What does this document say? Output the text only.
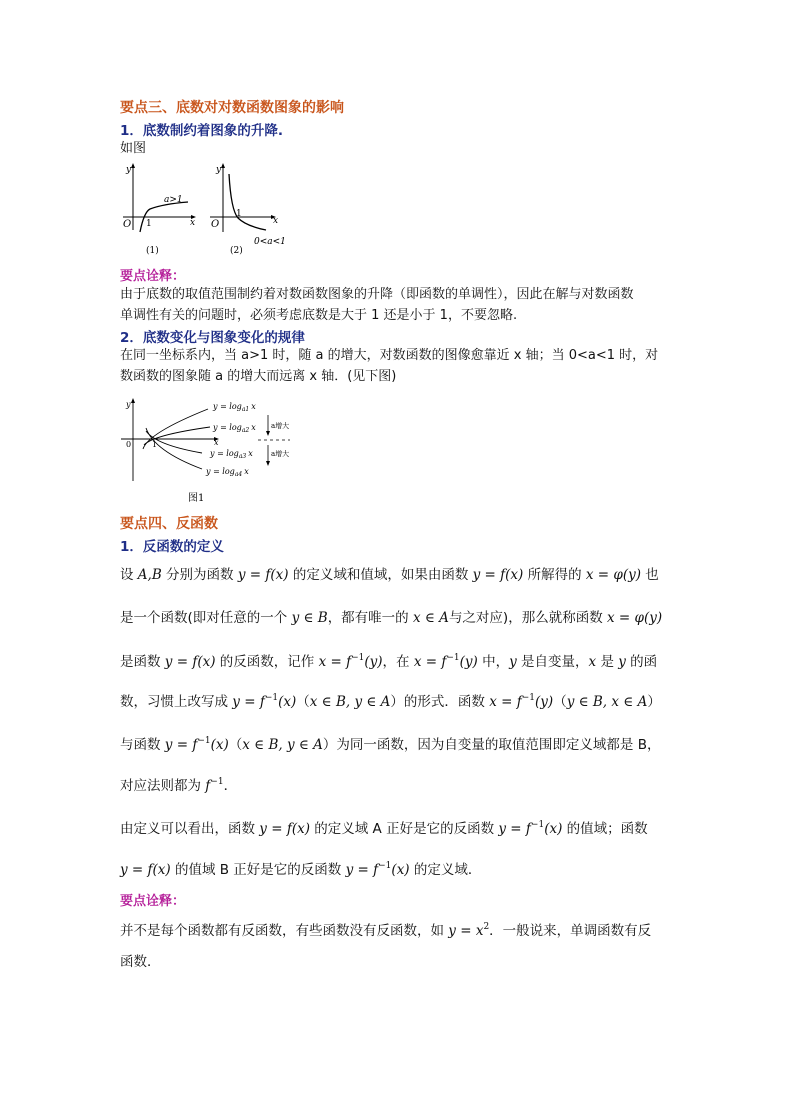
要点三、底数对对数函数图象的影响
1．底数制约着图象的升降.
如图
y
x
O 1
a>1
(1)
y
x
O
1
0<a<1
(2)
要点诠释：
由于底数的取值范围制约着对数函数图象的升降（即函数的单调性），因此在解与对数函数
单调性有关的问题时，必须考虑底数是大于 1 还是小于 1，不要忽略.
2．底数变化与图象变化的规律
在同一坐标系内，当 a>1 时，随 a 的增大，对数函数的图像愈靠近 x 轴；当 0<a<1 时，对
数函数的图象随 a 的增大而远离 x 轴．(见下图)
y
x
0	1
$y = \log_{a1} x$
$y = \log_{a2} x$
$y = \log_{a3} x$
$y = \log_{a4} x$
a增大
a增大
图1
要点四、反函数
1．反函数的定义
设 A,B 分别为函数 y = f(x) 的定义域和值域，如果由函数 y = f(x) 所解得的 x = φ(y) 也
是一个函数(即对任意的一个 y ∈ B，都有唯一的 x ∈ A与之对应)，那么就称函数 x = φ(y)
是函数 y = f(x) 的反函数，记作 $x = f^{-1}(y)$，在 $x = f^{-1}(y)$ 中，y 是自变量，x 是 y 的函
数，习惯上改写成 $y = f^{-1}(x)(x$ ∈ B, y ∈ A）的形式．函数 $x = f^{-1}(y)(y$ ∈ B, x ∈ A）
与函数 $y = f^{-1}(x)(x$ ∈ B, y ∈ A）为同一函数，因为自变量的取值范围即定义域都是 B，
对应法则都为 $f^{-1}$．
由定义可以看出，函数 y = f(x) 的定义域 A 正好是它的反函数 $y = f^{-1}(x)$ 的值域；函数
y = f(x) 的值域 B 正好是它的反函数 $y = f^{-1}(x)$ 的定义域．
要点诠释：
并不是每个函数都有反函数，有些函数没有反函数，如 $y = x^2$．一般说来，单调函数有反
函数．
